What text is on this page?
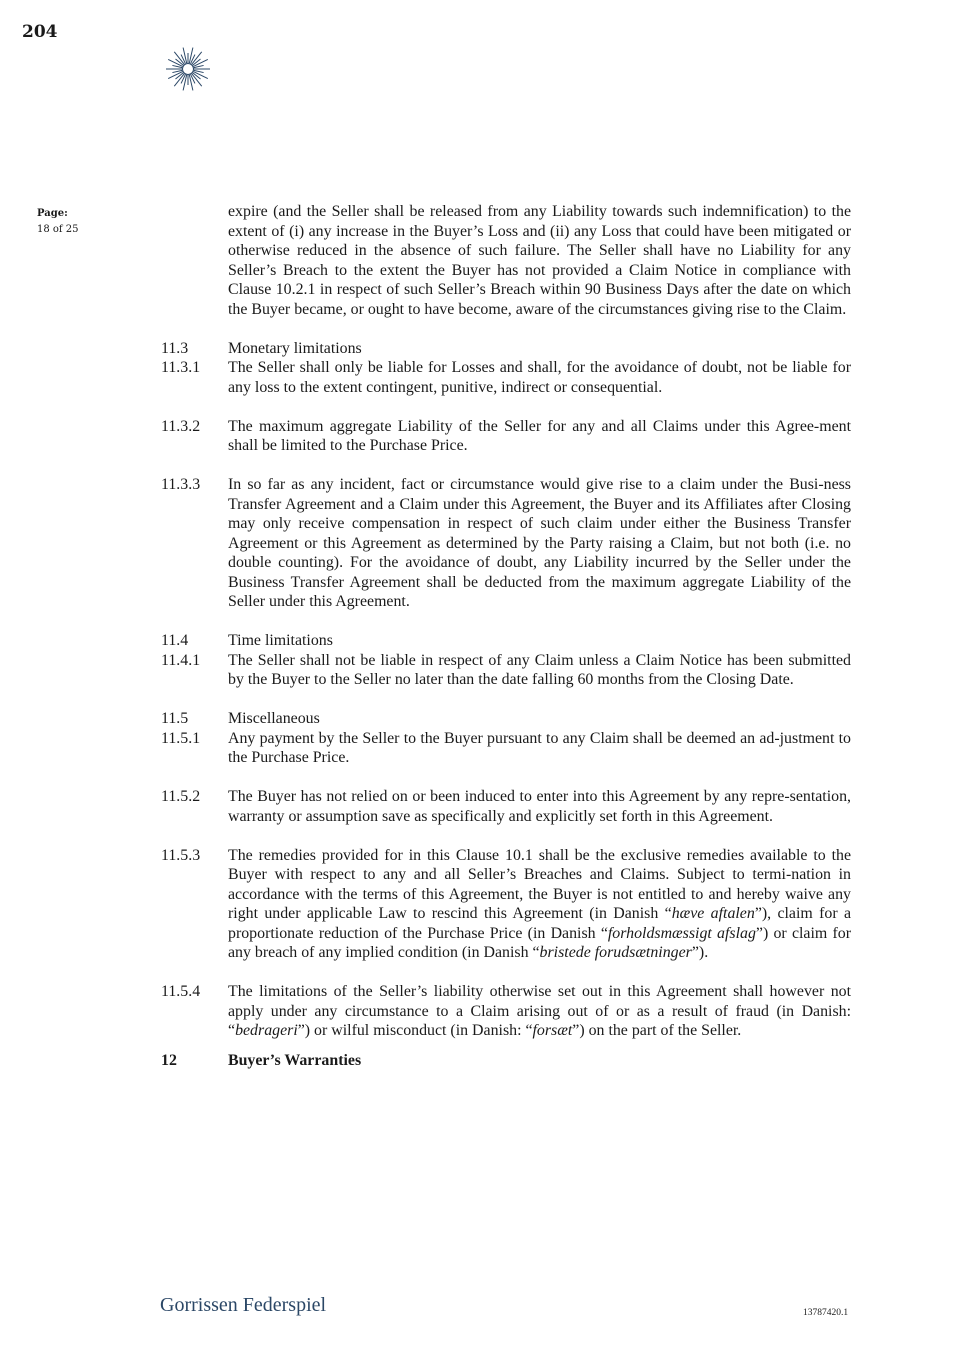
204
Page:
18 of 25
expire (and the Seller shall be released from any Liability towards such indemnification) to the extent of (i) any increase in the Buyer’s Loss and (ii) any Loss that could have been mitigated or otherwise reduced in the absence of such failure. The Seller shall have no Liability for any Seller’s Breach to the extent the Buyer has not provided a Claim Notice in compliance with Clause 10.2.1 in respect of such Seller’s Breach within 90 Business Days after the date on which the Buyer became, or ought to have become, aware of the circumstances giving rise to the Claim.
11.3	Monetary limitations
11.3.1	The Seller shall only be liable for Losses and shall, for the avoidance of doubt, not be liable for any loss to the extent contingent, punitive, indirect or consequential.
11.3.2	The maximum aggregate Liability of the Seller for any and all Claims under this Agree-ment shall be limited to the Purchase Price.
11.3.3	In so far as any incident, fact or circumstance would give rise to a claim under the Busi-ness Transfer Agreement and a Claim under this Agreement, the Buyer and its Affiliates after Closing may only receive compensation in respect of such claim under either the Business Transfer Agreement or this Agreement as determined by the Party raising a Claim, but not both (i.e. no double counting). For the avoidance of doubt, any Liability incurred by the Seller under the Business Transfer Agreement shall be deducted from the maximum aggregate Liability of the Seller under this Agreement.
11.4	Time limitations
11.4.1	The Seller shall not be liable in respect of any Claim unless a Claim Notice has been submitted by the Buyer to the Seller no later than the date falling 60 months from the Closing Date.
11.5	Miscellaneous
11.5.1	Any payment by the Seller to the Buyer pursuant to any Claim shall be deemed an ad-justment to the Purchase Price.
11.5.2	The Buyer has not relied on or been induced to enter into this Agreement by any repre-sentation, warranty or assumption save as specifically and explicitly set forth in this Agreement.
11.5.3	The remedies provided for in this Clause 10.1 shall be the exclusive remedies available to the Buyer with respect to any and all Seller’s Breaches and Claims. Subject to termi-nation in accordance with the terms of this Agreement, the Buyer is not entitled to and hereby waive any right under applicable Law to rescind this Agreement (in Danish “hæve aftalen”), claim for a proportionate reduction of the Purchase Price (in Danish “forholdsmæssigt afslag”) or claim for any breach of any implied condition (in Danish “bristede forudsætninger”).
11.5.4	The limitations of the Seller’s liability otherwise set out in this Agreement shall however not apply under any circumstance to a Claim arising out of or as a result of fraud (in Danish: “bedrageri”) or wilful misconduct (in Danish: “forsæt”) on the part of the Seller.
12	Buyer’s Warranties
Gorrissen Federspiel	13787420.1
